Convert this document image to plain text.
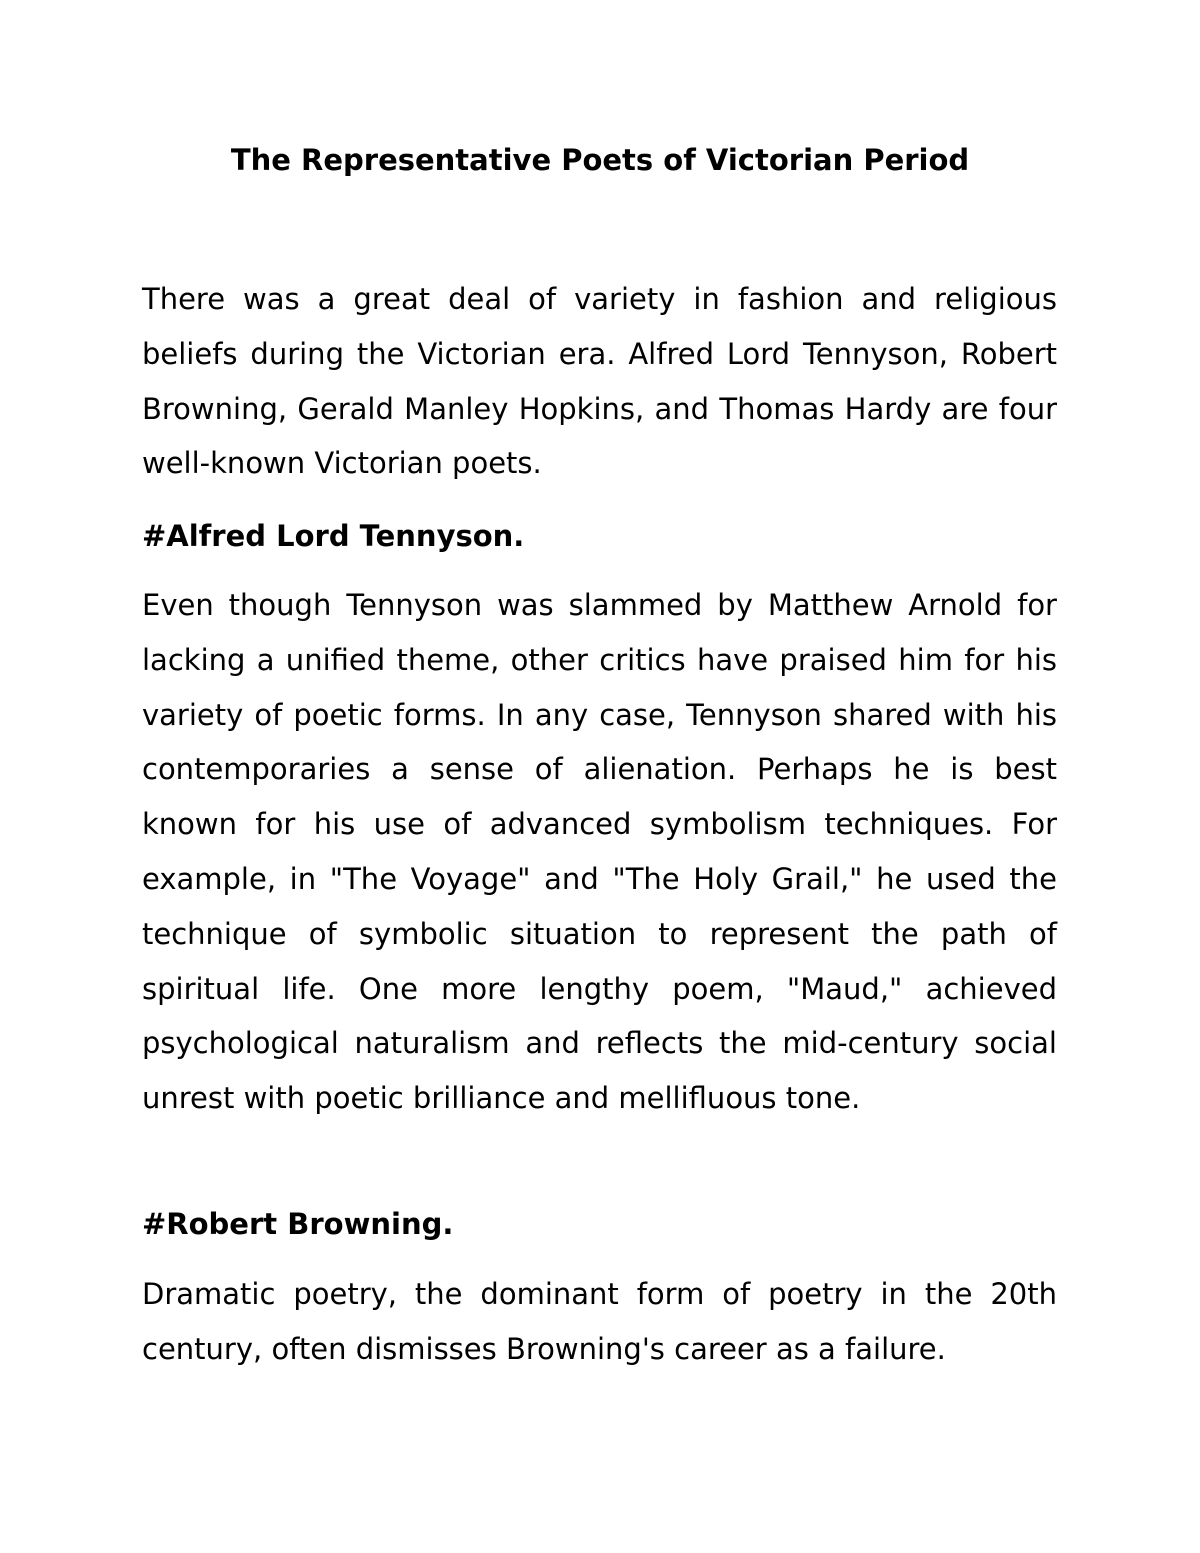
The Representative Poets of Victorian Period

There was a great deal of variety in fashion and religious beliefs during the Victorian era. Alfred Lord Tennyson, Robert Browning, Gerald Manley Hopkins, and Thomas Hardy are four well-known Victorian poets.

#Alfred Lord Tennyson.

Even though Tennyson was slammed by Matthew Arnold for lacking a unified theme, other critics have praised him for his variety of poetic forms. In any case, Tennyson shared with his contemporaries a sense of alienation. Perhaps he is best known for his use of advanced symbolism techniques. For example, in "The Voyage" and "The Holy Grail," he used the technique of symbolic situation to represent the path of spiritual life. One more lengthy poem, "Maud," achieved psychological naturalism and reflects the mid-century social unrest with poetic brilliance and mellifluous tone.

#Robert Browning.

Dramatic poetry, the dominant form of poetry in the 20th century, often dismisses Browning's career as a failure.
